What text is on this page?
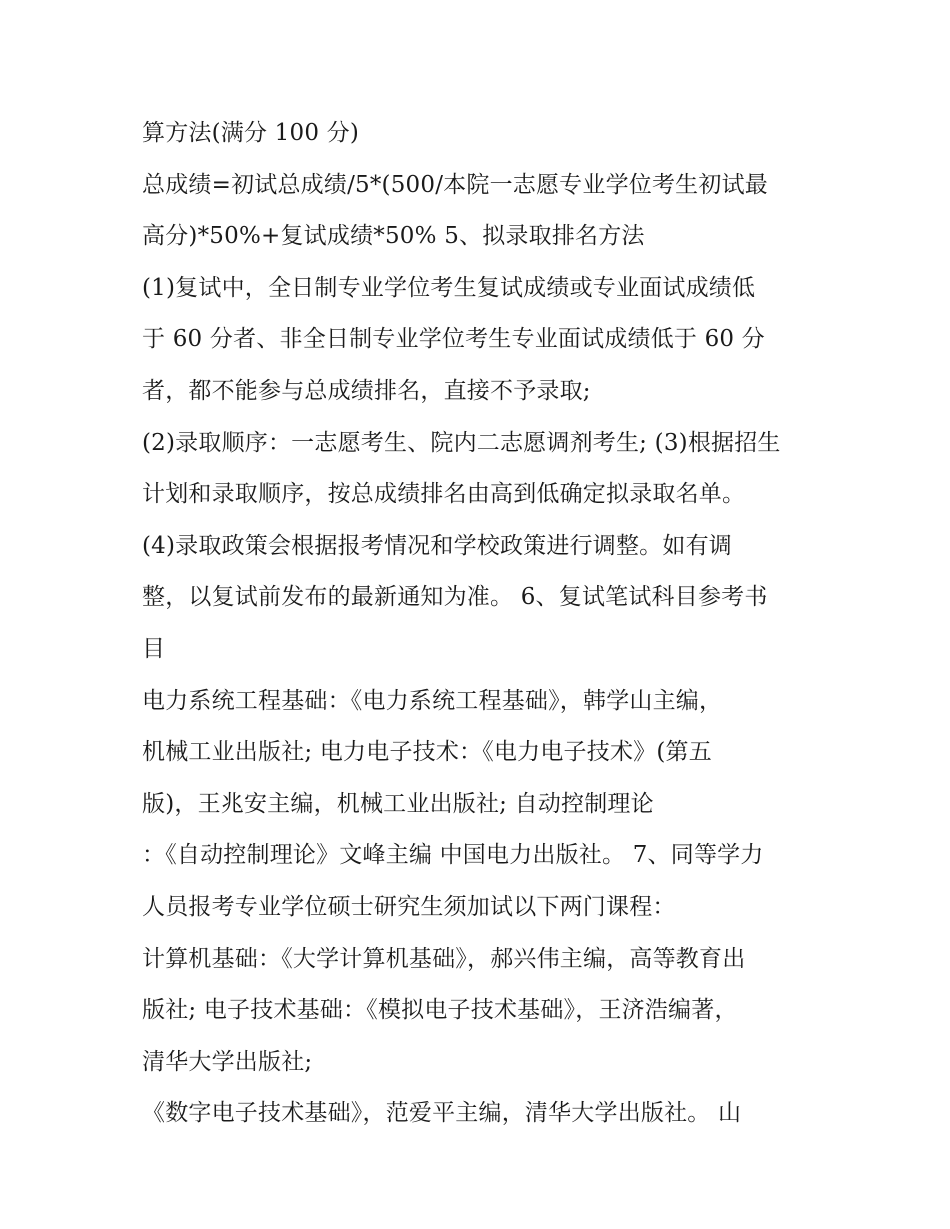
算方法(满分 100 分)
总成绩=初试总成绩/5*(500/本院一志愿专业学位考生初试最
高分)*50%+复试成绩*50% 5、拟录取排名方法
(1)复试中，全日制专业学位考生复试成绩或专业面试成绩低
于 60 分者、非全日制专业学位考生专业面试成绩低于 60 分
者，都不能参与总成绩排名，直接不予录取;
(2)录取顺序：一志愿考生、院内二志愿调剂考生; (3)根据招生
计划和录取顺序，按总成绩排名由高到低确定拟录取名单。
(4)录取政策会根据报考情况和学校政策进行调整。如有调
整，以复试前发布的最新通知为准。 6、复试笔试科目参考书
目
电力系统工程基础：《电力系统工程基础》，韩学山主编，
机械工业出版社; 电力电子技术：《电力电子技术》(第五
版)，王兆安主编，机械工业出版社; 自动控制理论
：《自动控制理论》文峰主编 中国电力出版社。 7、同等学力
人员报考专业学位硕士研究生须加试以下两门课程：
计算机基础：《大学计算机基础》，郝兴伟主编，高等教育出
版社; 电子技术基础：《模拟电子技术基础》，王济浩编著，
清华大学出版社;
《数字电子技术基础》，范爱平主编，清华大学出版社。 山
